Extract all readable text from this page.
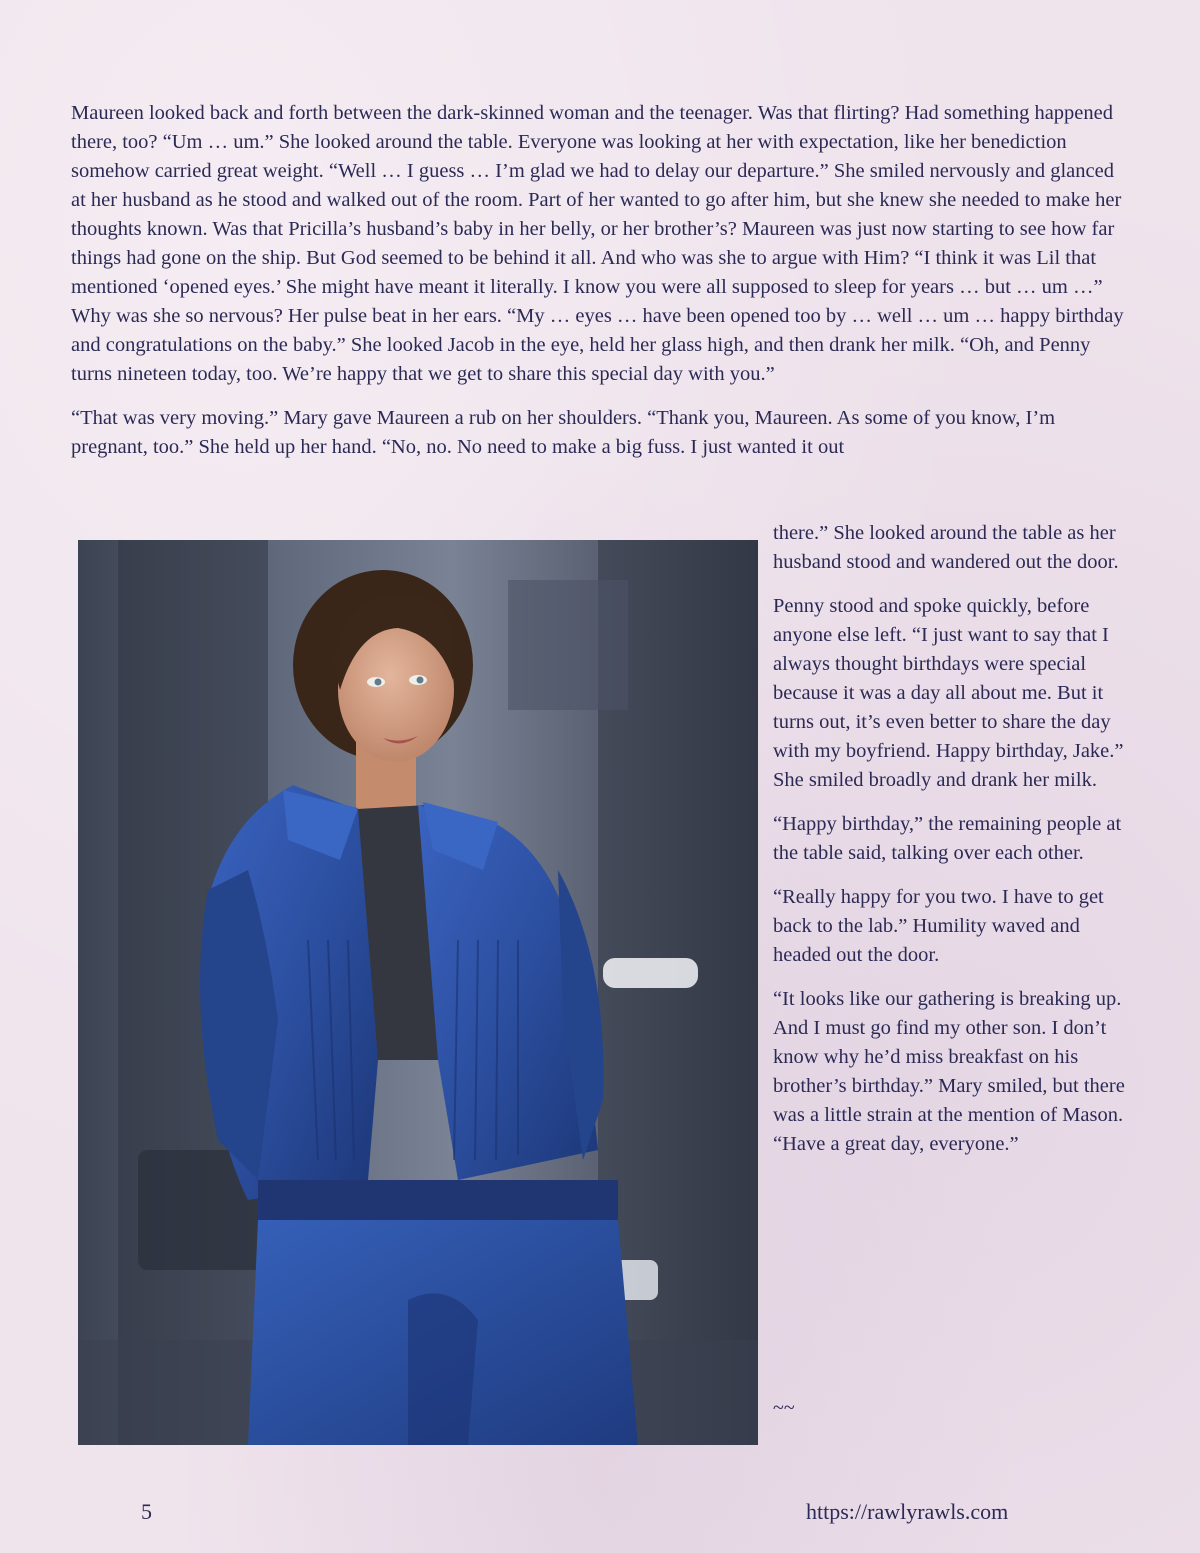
Maureen looked back and forth between the dark-skinned woman and the teenager. Was that flirting? Had something happened there, too? “Um … um.” She looked around the table. Everyone was looking at her with expectation, like her benediction somehow carried great weight. “Well … I guess … I’m glad we had to delay our departure.” She smiled nervously and glanced at her husband as he stood and walked out of the room. Part of her wanted to go after him, but she knew she needed to make her thoughts known. Was that Pricilla’s husband’s baby in her belly, or her brother’s? Maureen was just now starting to see how far things had gone on the ship. But God seemed to be behind it all. And who was she to argue with Him? “I think it was Lil that mentioned ‘opened eyes.’ She might have meant it literally. I know you were all supposed to sleep for years … but … um …” Why was she so nervous? Her pulse beat in her ears. “My … eyes … have been opened too by … well … um … happy birthday and congratulations on the baby.” She looked Jacob in the eye, held her glass high, and then drank her milk. “Oh, and Penny turns nineteen today, too. We’re happy that we get to share this special day with you.”

“That was very moving.” Mary gave Maureen a rub on her shoulders. “Thank you, Maureen. As some of you know, I’m pregnant, too.” She held up her hand. “No, no. No need to make a big fuss. I just wanted it out

there.” She looked around the table as her husband stood and wandered out the door.

Penny stood and spoke quickly, before anyone else left. “I just want to say that I always thought birthdays were special because it was a day all about me. But it turns out, it’s even better to share the day with my boyfriend. Happy birthday, Jake.” She smiled broadly and drank her milk.

“Happy birthday,” the remaining people at the table said, talking over each other.

“Really happy for you two. I have to get back to the lab.” Humility waved and headed out the door.

“It looks like our gathering is breaking up. And I must go find my other son. I don’t know why he’d miss breakfast on his brother’s birthday.” Mary smiled, but there was a little strain at the mention of Mason. “Have a great day, everyone.”

~~

5	https://rawlyrawls.com
